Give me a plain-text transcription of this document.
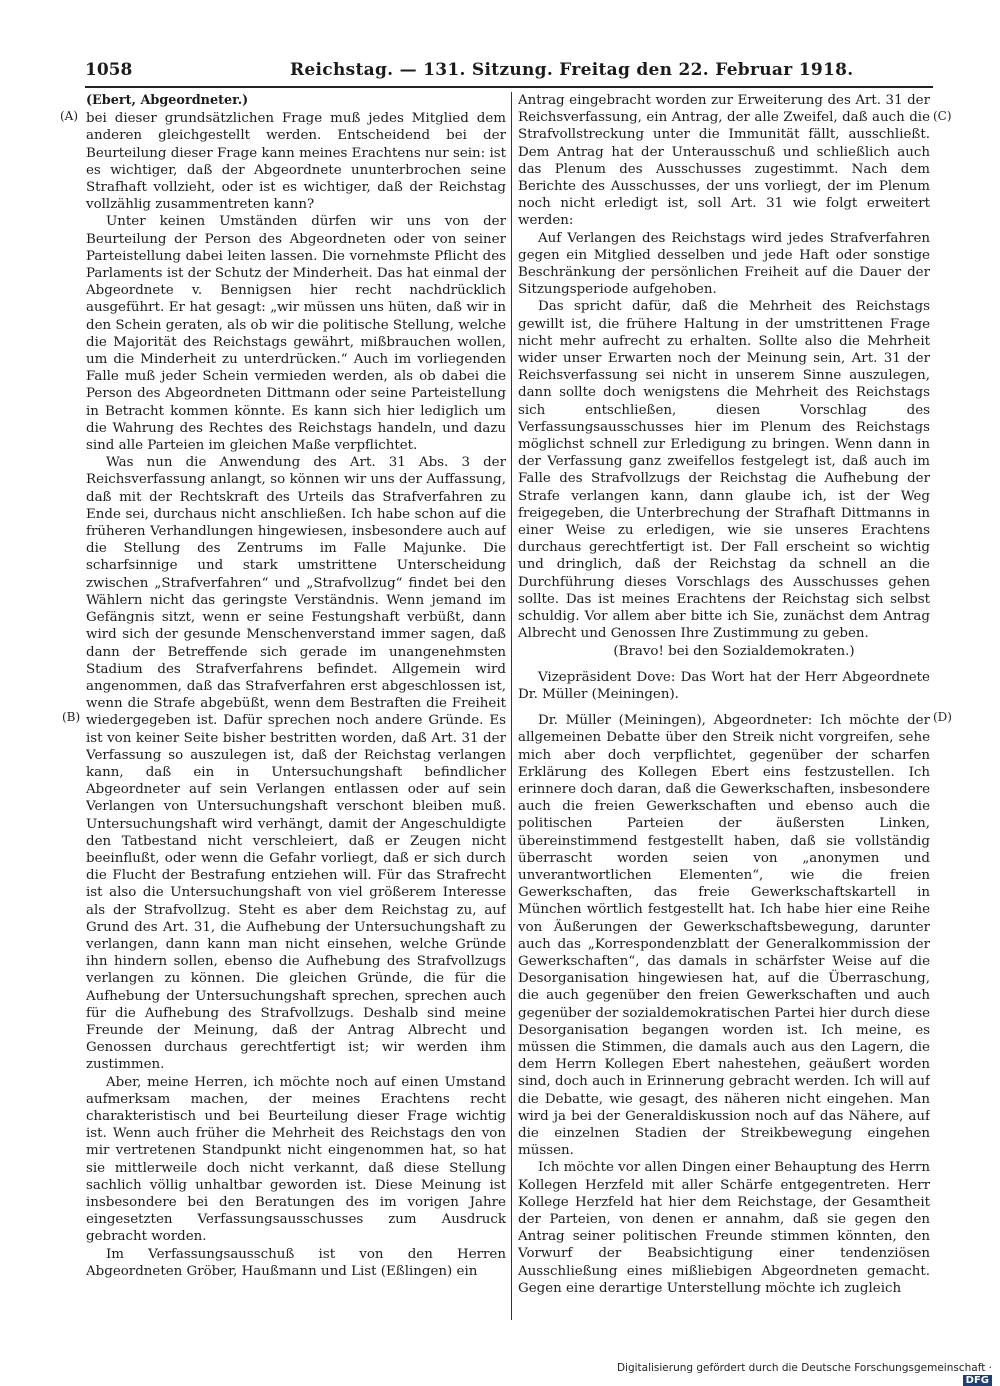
1058	Reichstag. — 131. Sitzung. Freitag den 22. Februar 1918.
(A)
(B)
(C)
(D)
(Ebert, Abgeordneter.)

bei dieser grundsätzlichen Frage muß jedes Mitglied dem anderen gleichgestellt werden. Entscheidend bei der Beurteilung dieser Frage kann meines Erachtens nur sein: ist es wichtiger, daß der Abgeordnete ununterbrochen seine Strafhaft vollzieht, oder ist es wichtiger, daß der Reichstag vollzählig zusammentreten kann?

Unter keinen Umständen dürfen wir uns von der Beurteilung der Person des Abgeordneten oder von seiner Parteistellung dabei leiten lassen. Die vornehmste Pflicht des Parlaments ist der Schutz der Minderheit. Das hat einmal der Abgeordnete v. Bennigsen hier recht nachdrücklich ausgeführt. Er hat gesagt: „wir müssen uns hüten, daß wir in den Schein geraten, als ob wir die politische Stellung, welche die Majorität des Reichstags gewährt, mißbrauchen wollen, um die Minderheit zu unterdrücken.“ Auch im vorliegenden Falle muß jeder Schein vermieden werden, als ob dabei die Person des Abgeordneten Dittmann oder seine Parteistellung in Betracht kommen könnte. Es kann sich hier lediglich um die Wahrung des Rechtes des Reichstags handeln, und dazu sind alle Parteien im gleichen Maße verpflichtet.

Was nun die Anwendung des Art. 31 Abs. 3 der Reichsverfassung anlangt, so können wir uns der Auffassung, daß mit der Rechtskraft des Urteils das Strafverfahren zu Ende sei, durchaus nicht anschließen. Ich habe schon auf die früheren Verhandlungen hingewiesen, insbesondere auch auf die Stellung des Zentrums im Falle Majunke. Die scharfsinnige und stark umstrittene Unterscheidung zwischen „Strafverfahren“ und „Strafvollzug“ findet bei den Wählern nicht das geringste Verständnis. Wenn jemand im Gefängnis sitzt, wenn er seine Festungshaft verbüßt, dann wird sich der gesunde Menschenverstand immer sagen, daß dann der Betreffende sich gerade im unangenehmsten Stadium des Strafverfahrens befindet. Allgemein wird angenommen, daß das Strafverfahren erst abgeschlossen ist, wenn die Strafe abgebüßt, wenn dem Bestraften die Freiheit wiedergegeben ist. Dafür sprechen noch andere Gründe. Es ist von keiner Seite bisher bestritten worden, daß Art. 31 der Verfassung so auszulegen ist, daß der Reichstag verlangen kann, daß ein in Untersuchungshaft befindlicher Abgeordneter auf sein Verlangen entlassen oder auf sein Verlangen von Untersuchungshaft verschont bleiben muß. Untersuchungshaft wird verhängt, damit der Angeschuldigte den Tatbestand nicht verschleiert, daß er Zeugen nicht beeinflußt, oder wenn die Gefahr vorliegt, daß er sich durch die Flucht der Bestrafung entziehen will. Für das Strafrecht ist also die Untersuchungshaft von viel größerem Interesse als der Strafvollzug. Steht es aber dem Reichstag zu, auf Grund des Art. 31, die Aufhebung der Untersuchungshaft zu verlangen, dann kann man nicht einsehen, welche Gründe ihn hindern sollen, ebenso die Aufhebung des Strafvollzugs verlangen zu können. Die gleichen Gründe, die für die Aufhebung der Untersuchungshaft sprechen, sprechen auch für die Aufhebung des Strafvollzugs. Deshalb sind meine Freunde der Meinung, daß der Antrag Albrecht und Genossen durchaus gerechtfertigt ist; wir werden ihm zustimmen.

Aber, meine Herren, ich möchte noch auf einen Umstand aufmerksam machen, der meines Erachtens recht charakteristisch und bei Beurteilung dieser Frage wichtig ist. Wenn auch früher die Mehrheit des Reichstags den von mir vertretenen Standpunkt nicht eingenommen hat, so hat sie mittlerweile doch nicht verkannt, daß diese Stellung sachlich völlig unhaltbar geworden ist. Diese Meinung ist insbesondere bei den Beratungen des im vorigen Jahre eingesetzten Verfassungsausschusses zum Ausdruck gebracht worden.

Im Verfassungsausschuß ist von den Herren Abgeordneten Gröber, Haußmann und List (Eßlingen) ein

Antrag eingebracht worden zur Erweiterung des Art. 31 der Reichsverfassung, ein Antrag, der alle Zweifel, daß auch die Strafvollstreckung unter die Immunität fällt, ausschließt. Dem Antrag hat der Unterausschuß und schließlich auch das Plenum des Ausschusses zugestimmt. Nach dem Berichte des Ausschusses, der uns vorliegt, der im Plenum noch nicht erledigt ist, soll Art. 31 wie folgt erweitert werden:

Auf Verlangen des Reichstags wird jedes Strafverfahren gegen ein Mitglied desselben und jede Haft oder sonstige Beschränkung der persönlichen Freiheit auf die Dauer der Sitzungsperiode aufgehoben.

Das spricht dafür, daß die Mehrheit des Reichstags gewillt ist, die frühere Haltung in der umstrittenen Frage nicht mehr aufrecht zu erhalten. Sollte also die Mehrheit wider unser Erwarten noch der Meinung sein, Art. 31 der Reichsverfassung sei nicht in unserem Sinne auszulegen, dann sollte doch wenigstens die Mehrheit des Reichstags sich entschließen, diesen Vorschlag des Verfassungsausschusses hier im Plenum des Reichstags möglichst schnell zur Erledigung zu bringen. Wenn dann in der Verfassung ganz zweifellos festgelegt ist, daß auch im Falle des Strafvollzugs der Reichstag die Aufhebung der Strafe verlangen kann, dann glaube ich, ist der Weg freigegeben, die Unterbrechung der Strafhaft Dittmanns in einer Weise zu erledigen, wie sie unseres Erachtens durchaus gerechtfertigt ist. Der Fall erscheint so wichtig und dringlich, daß der Reichstag da schnell an die Durchführung dieses Vorschlags des Ausschusses gehen sollte. Das ist meines Erachtens der Reichstag sich selbst schuldig. Vor allem aber bitte ich Sie, zunächst dem Antrag Albrecht und Genossen Ihre Zustimmung zu geben.

(Bravo! bei den Sozialdemokraten.)

Vizepräsident Dove: Das Wort hat der Herr Abgeordnete Dr. Müller (Meiningen).

Dr. Müller (Meiningen), Abgeordneter: Ich möchte der allgemeinen Debatte über den Streik nicht vorgreifen, sehe mich aber doch verpflichtet, gegenüber der scharfen Erklärung des Kollegen Ebert eins festzustellen. Ich erinnere doch daran, daß die Gewerkschaften, insbesondere auch die freien Gewerkschaften und ebenso auch die politischen Parteien der äußersten Linken, übereinstimmend festgestellt haben, daß sie vollständig überrascht worden seien von „anonymen und unverantwortlichen Elementen“, wie die freien Gewerkschaften, das freie Gewerkschaftskartell in München wörtlich festgestellt hat. Ich habe hier eine Reihe von Äußerungen der Gewerkschaftsbewegung, darunter auch das „Korrespondenzblatt der Generalkommission der Gewerkschaften“, das damals in schärfster Weise auf die Desorganisation hingewiesen hat, auf die Überraschung, die auch gegenüber den freien Gewerkschaften und auch gegenüber der sozialdemokratischen Partei hier durch diese Desorganisation begangen worden ist. Ich meine, es müssen die Stimmen, die damals auch aus den Lagern, die dem Herrn Kollegen Ebert nahestehen, geäußert worden sind, doch auch in Erinnerung gebracht werden. Ich will auf die Debatte, wie gesagt, des näheren nicht eingehen. Man wird ja bei der Generaldiskussion noch auf das Nähere, auf die einzelnen Stadien der Streikbewegung eingehen müssen.

Ich möchte vor allen Dingen einer Behauptung des Herrn Kollegen Herzfeld mit aller Schärfe entgegentreten. Herr Kollege Herzfeld hat hier dem Reichstage, der Gesamtheit der Parteien, von denen er annahm, daß sie gegen den Antrag seiner politischen Freunde stimmen könnten, den Vorwurf der Beabsichtigung einer tendenziösen Ausschließung eines mißliebigen Abgeordneten gemacht. Gegen eine derartige Unterstellung möchte ich zugleich

Digitalisierung gefördert durch die Deutsche Forschungsgemeinschaft ·DFG
